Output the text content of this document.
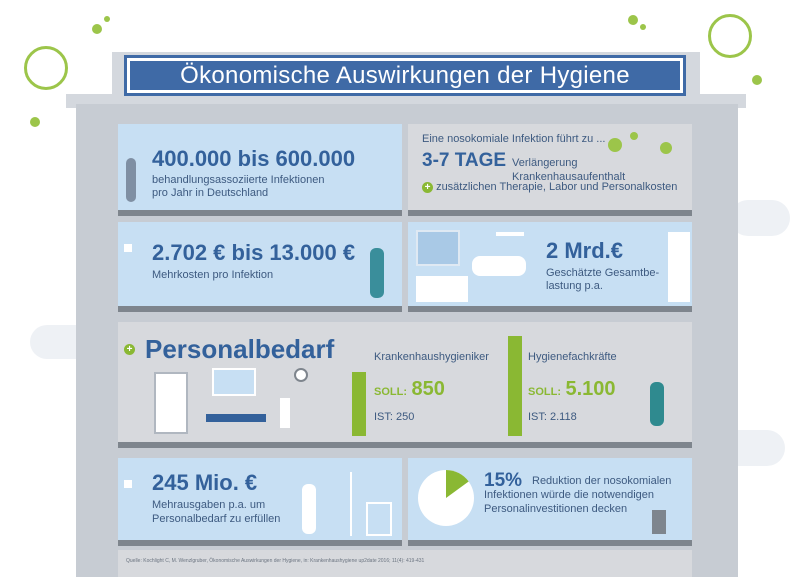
Ökonomische Auswirkungen der Hygiene
400.000 bis 600.000
behandlungsassoziierte Infektionen
pro Jahr in Deutschland
Eine nosokomiale Infektion führt zu ...
3-7 TAGE Verlängerung Krankenhausaufenthalt
+ zusätzlichen Therapie, Labor und Personalkosten
2.702 € bis 13.000 €
Mehrkosten pro Infektion
2 Mrd.€
Geschätzte Gesamtbe-
lastung p.a.
+ Personalbedarf	Krankenhaushygieniker
SOLL: 850
IST: 250
Hygienefachkräfte
SOLL: 5.100
IST: 2.118
245 Mio. €
Mehrausgaben p.a. um
Personalbedarf zu erfüllen
15% Reduktion der nosokomialen
Infektionen würde die notwendigen
Personalinvestitionen decken
Quelle: Kochlight C, M. Wenzlgruber, Ökonomische Auswirkungen der Hygiene, in: Krankenhaushygiene up2date 2016; 11(4): 419-431
